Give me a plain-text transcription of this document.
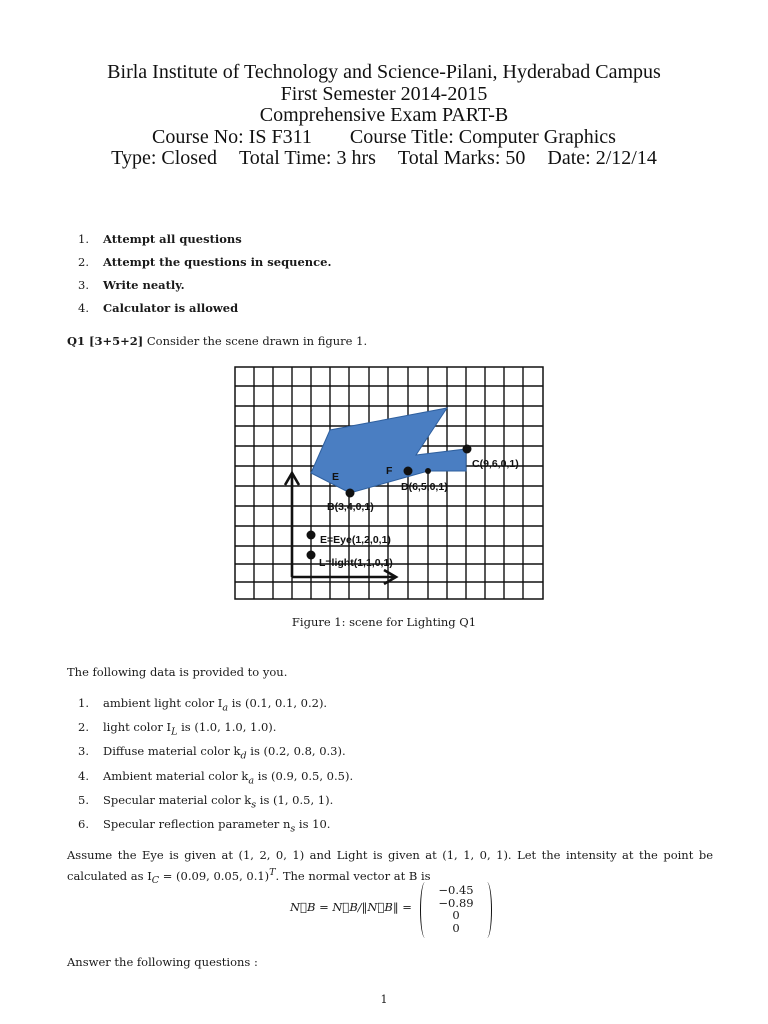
Birla Institute of Technology and Science-Pilani, Hyderabad Campus
First Semester 2014-2015
Comprehensive Exam PART-B
Course No: IS F311 Course Title: Computer Graphics
Type: Closed Total Time: 3 hrs Total Marks: 50 Date: 2/12/14
1. Attempt all questions
2. Attempt the questions in sequence.
3. Write neatly.
4. Calculator is allowed
Q1 [3+5+2] Consider the scene drawn in figure 1.
E	F
C(9,6,0,1)
D(6,5,0,1)
B(3,4,0,1)
E=Eye(1,2,0,1)
L=light(1,1,0,1)
Figure 1: scene for Lighting Q1
The following data is provided to you.
1. ambient light color $I_a$ is (0.1, 0.1, 0.2).
2. light color $I_L$ is (1.0, 1.0, 1.0).
3. Diffuse material color $k_d$ is (0.2, 0.8, 0.3).
4. Ambient material color $k_a$ is (0.9, 0.5, 0.5).
5. Specular material color $k_s$ is (1, 0.5, 1).
6. Specular reflection parameter $n_s$ is 10.
Assume the Eye is given at (1, 2, 0, 1) and Light is given at (1, 1, 0, 1). Let the intensity at the point be
calculated as $I_C = (0.09$, 0.05, 0.1)$^T$. The normal vector at B is
N⃗B = N⃗B/‖N⃗B‖ =
−0.45
−0.89
0
0
Answer the following questions :
1
